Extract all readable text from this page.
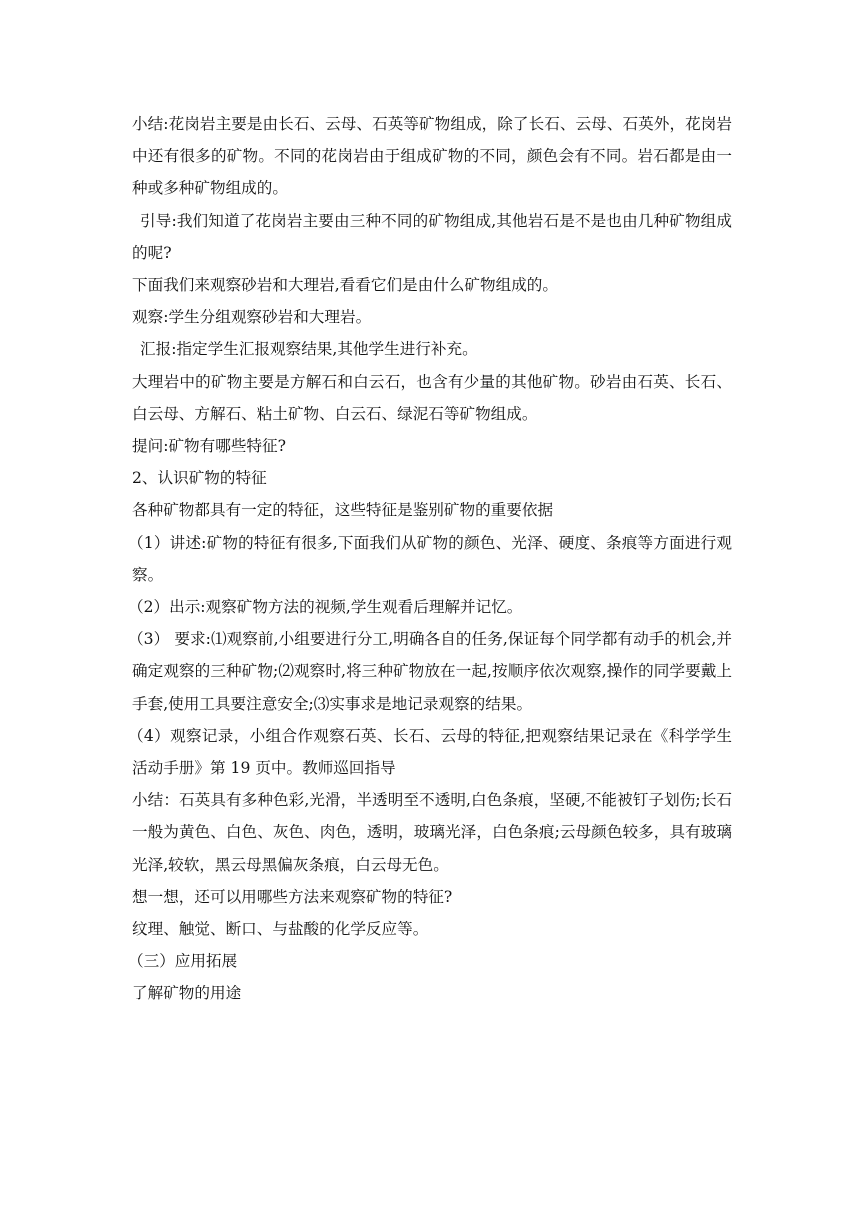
小结:花岗岩主要是由长石、云母、石英等矿物组成，除了长石、云母、石英外，花岗岩中还有很多的矿物。不同的花岗岩由于组成矿物的不同，颜色会有不同。岩石都是由一种或多种矿物组成的。

引导:我们知道了花岗岩主要由三种不同的矿物组成,其他岩石是不是也由几种矿物组成的呢?

下面我们来观察砂岩和大理岩,看看它们是由什么矿物组成的。

观察:学生分组观察砂岩和大理岩。

汇报:指定学生汇报观察结果,其他学生进行补充。

大理岩中的矿物主要是方解石和白云石，也含有少量的其他矿物。砂岩由石英、长石、白云母、方解石、粘土矿物、白云石、绿泥石等矿物组成。

提问:矿物有哪些特征?

2、认识矿物的特征

各种矿物都具有一定的特征，这些特征是鉴别矿物的重要依据

（1）讲述:矿物的特征有很多,下面我们从矿物的颜色、光泽、硬度、条痕等方面进行观察。

（2）出示:观察矿物方法的视频,学生观看后理解并记忆。

（3） 要求:⑴观察前,小组要进行分工,明确各自的任务,保证每个同学都有动手的机会,并确定观察的三种矿物;⑵观察时,将三种矿物放在一起,按顺序依次观察,操作的同学要戴上手套,使用工具要注意安全;⑶实事求是地记录观察的结果。

（4）观察记录，小组合作观察石英、长石、云母的特征,把观察结果记录在《科学学生活动手册》第 19 页中。教师巡回指导

小结：石英具有多种色彩,光滑，半透明至不透明,白色条痕，坚硬,不能被钉子划伤;长石一般为黄色、白色、灰色、肉色，透明，玻璃光泽，白色条痕;云母颜色较多，具有玻璃光泽,较软，黑云母黑偏灰条痕，白云母无色。

想一想，还可以用哪些方法来观察矿物的特征?

纹理、触觉、断口、与盐酸的化学反应等。

（三）应用拓展

了解矿物的用途
